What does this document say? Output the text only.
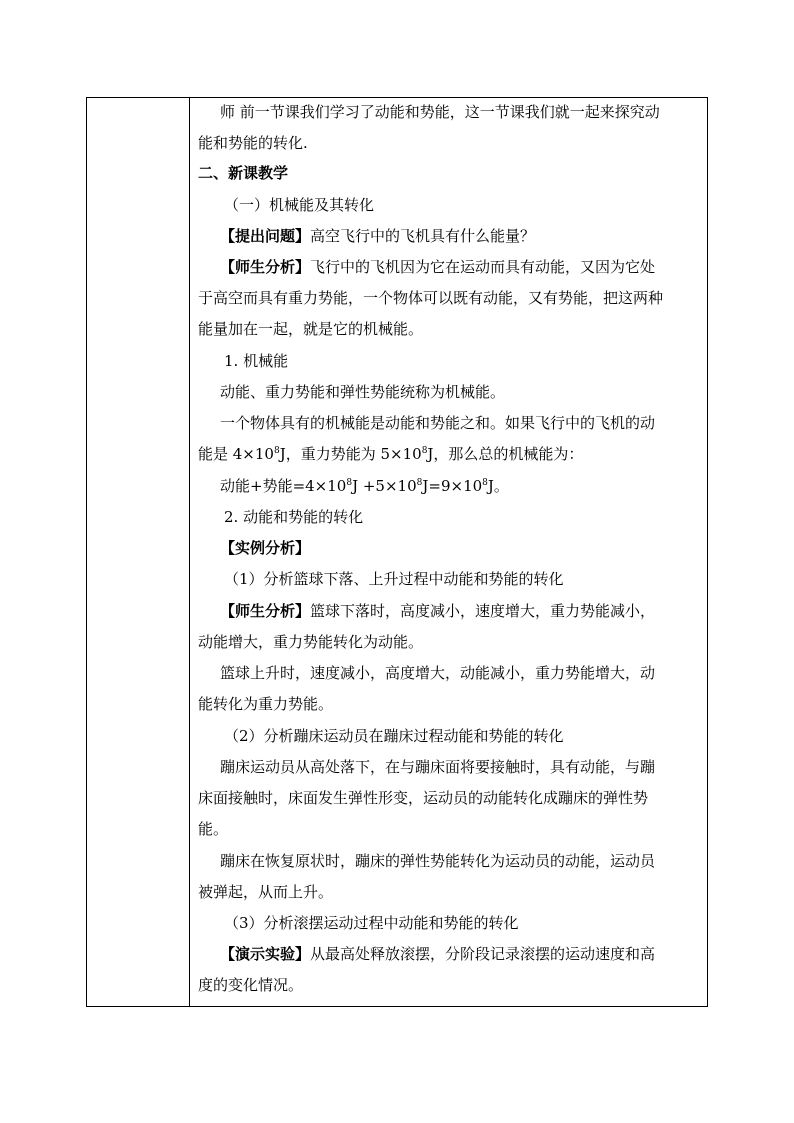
师 前一节课我们学习了动能和势能，这一节课我们就一起来探究动
能和势能的转化.
二、新课教学
（一）机械能及其转化
【提出问题】高空飞行中的飞机具有什么能量？
【师生分析】飞行中的飞机因为它在运动而具有动能，又因为它处
于高空而具有重力势能，一个物体可以既有动能，又有势能，把这两种
能量加在一起，就是它的机械能。
1. 机械能
动能、重力势能和弹性势能统称为机械能。
一个物体具有的机械能是动能和势能之和。如果飞行中的飞机的动
能是 $4\times 10^8J$，重力势能为 $5\times 10^8J$，那么总的机械能为：
动能+势能$=4\times 10^8J +5\times 10^8J=9\times 10^8J$。
2. 动能和势能的转化
【实例分析】
（1）分析篮球下落、上升过程中动能和势能的转化
【师生分析】篮球下落时，高度减小，速度增大，重力势能减小，
动能增大，重力势能转化为动能。
篮球上升时，速度减小，高度增大，动能减小，重力势能增大，动
能转化为重力势能。
（2）分析蹦床运动员在蹦床过程动能和势能的转化
蹦床运动员从高处落下，在与蹦床面将要接触时，具有动能，与蹦
床面接触时，床面发生弹性形变，运动员的动能转化成蹦床的弹性势
能。
蹦床在恢复原状时，蹦床的弹性势能转化为运动员的动能，运动员
被弹起，从而上升。
（3）分析滚摆运动过程中动能和势能的转化
【演示实验】从最高处释放滚摆，分阶段记录滚摆的运动速度和高
度的变化情况。
